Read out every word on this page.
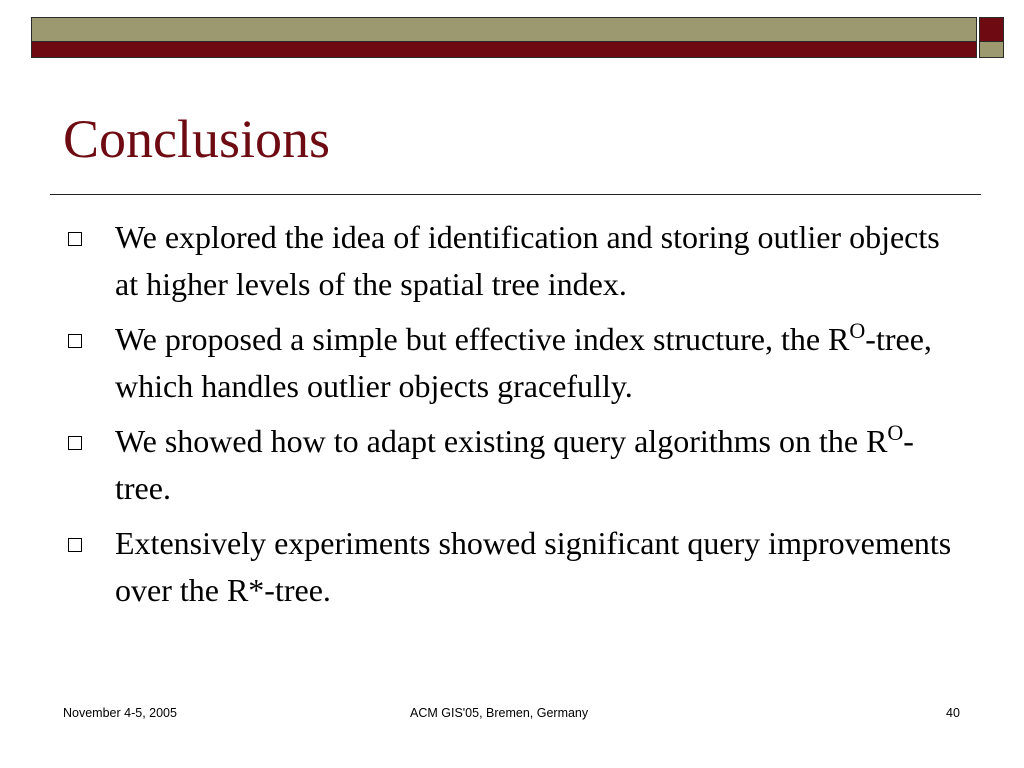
Conclusions
We explored the idea of identification and storing outlier objects at higher levels of the spatial tree index.
We proposed a simple but effective index structure, the $R^O$-tree, which handles outlier objects gracefully.
We showed how to adapt existing query algorithms on the $R^O$-tree.
Extensively experiments showed significant query improvements over the R*-tree.
November 4-5, 2005	ACM GIS'05, Bremen, Germany	40
